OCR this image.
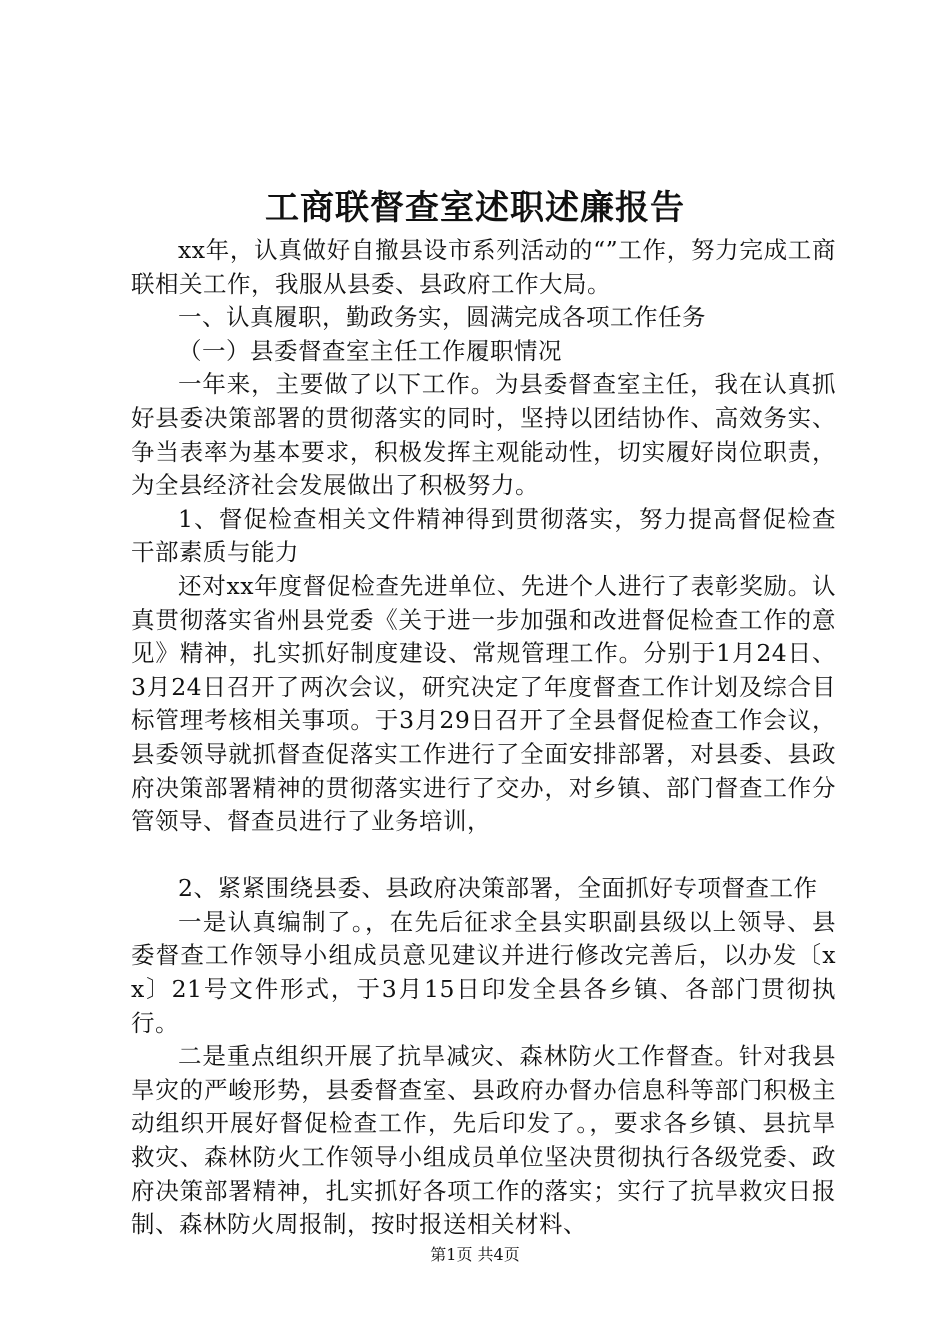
工商联督查室述职述廉报告

xx年，认真做好自撤县设市系列活动的“”工作，努力完成工商联相关工作，我服从县委、县政府工作大局。

一、认真履职，勤政务实，圆满完成各项工作任务

（一）县委督查室主任工作履职情况

一年来，主要做了以下工作。为县委督查室主任，我在认真抓好县委决策部署的贯彻落实的同时，坚持以团结协作、高效务实、争当表率为基本要求，积极发挥主观能动性，切实履好岗位职责，为全县经济社会发展做出了积极努力。

1、督促检查相关文件精神得到贯彻落实，努力提高督促检查干部素质与能力

还对xx年度督促检查先进单位、先进个人进行了表彰奖励。认真贯彻落实省州县党委《关于进一步加强和改进督促检查工作的意见》精神，扎实抓好制度建设、常规管理工作。分别于1月24日、3月24日召开了两次会议，研究决定了年度督查工作计划及综合目标管理考核相关事项。于3月29日召开了全县督促检查工作会议，县委领导就抓督查促落实工作进行了全面安排部署，对县委、县政府决策部署精神的贯彻落实进行了交办，对乡镇、部门督查工作分管领导、督查员进行了业务培训，

2、紧紧围绕县委、县政府决策部署，全面抓好专项督查工作

一是认真编制了。，在先后征求全县实职副县级以上领导、县委督查工作领导小组成员意见建议并进行修改完善后，以办发〔xx〕21号文件形式，于3月15日印发全县各乡镇、各部门贯彻执行。

二是重点组织开展了抗旱减灾、森林防火工作督查。针对我县旱灾的严峻形势，县委督查室、县政府办督办信息科等部门积极主动组织开展好督促检查工作，先后印发了。，要求各乡镇、县抗旱救灾、森林防火工作领导小组成员单位坚决贯彻执行各级党委、政府决策部署精神，扎实抓好各项工作的落实；实行了抗旱救灾日报制、森林防火周报制，按时报送相关材料、

第1页 共4页
